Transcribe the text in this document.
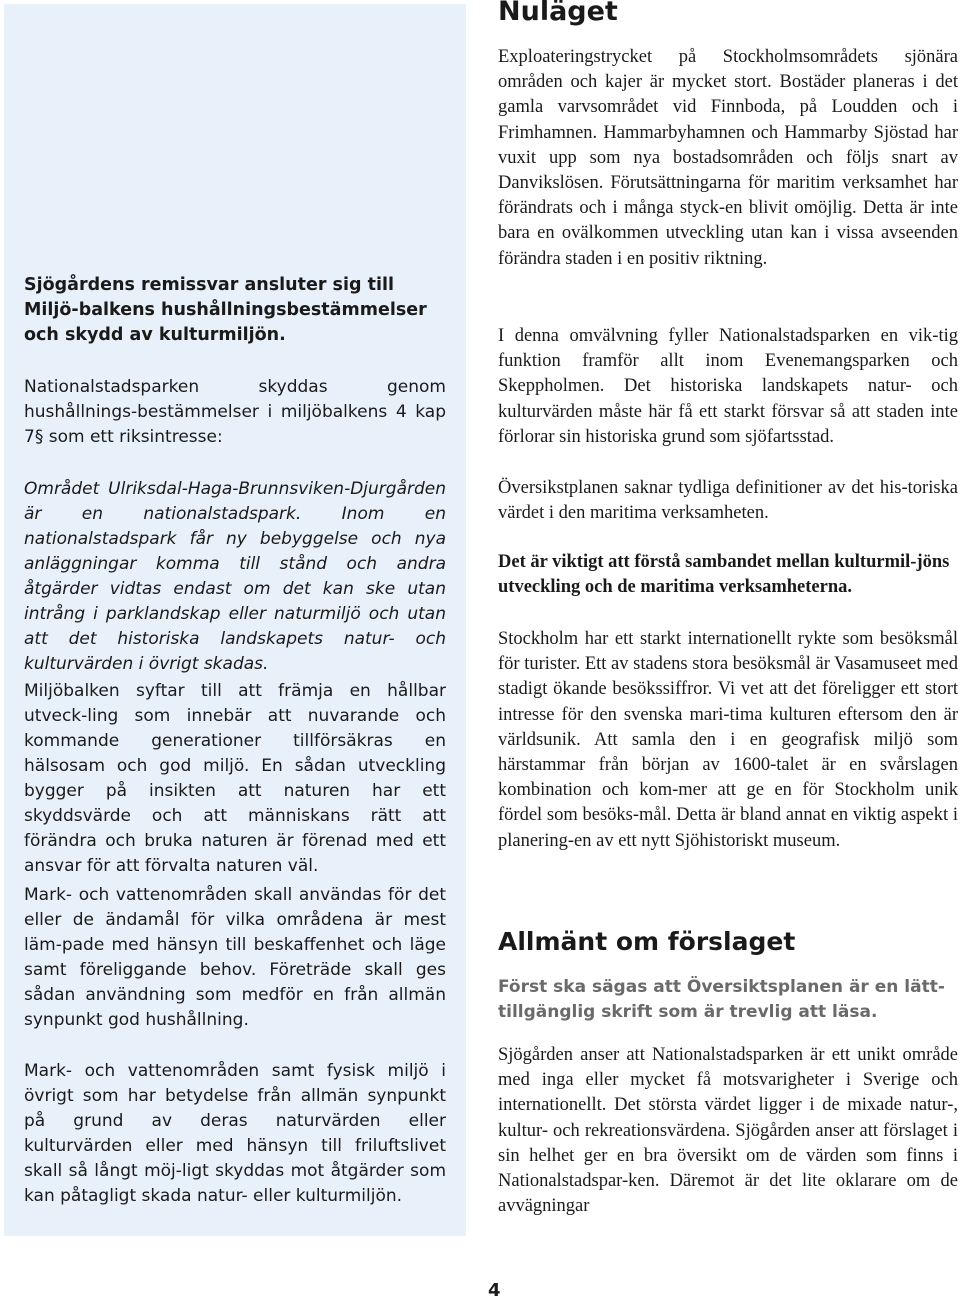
Sjögårdens remissvar ansluter sig till Miljö-balkens hushållningsbestämmelser och skydd av kulturmiljön.
Nationalstadsparken skyddas genom hushållnings-bestämmelser i miljöbalkens 4 kap 7§ som ett riksintresse:
Området Ulriksdal-Haga-Brunnsviken-Djurgården är en nationalstadspark. Inom en nationalstadspark får ny bebyggelse och nya anläggningar komma till stånd och andra åtgärder vidtas endast om det kan ske utan intrång i parklandskap eller naturmiljö och utan att det historiska landskapets natur- och kulturvärden i övrigt skadas.
Miljöbalken syftar till att främja en hållbar utveck-ling som innebär att nuvarande och kommande generationer tillförsäkras en hälsosam och god miljö. En sådan utveckling bygger på insikten att naturen har ett skyddsvärde och att människans rätt att förändra och bruka naturen är förenad med ett ansvar för att förvalta naturen väl.
Mark- och vattenområden skall användas för det eller de ändamål för vilka områdena är mest läm-pade med hänsyn till beskaffenhet och läge samt föreliggande behov. Företräde skall ges sådan användning som medför en från allmän synpunkt god hushållning.
Mark- och vattenområden samt fysisk miljö i övrigt som har betydelse från allmän synpunkt på grund av deras naturvärden eller kulturvärden eller med hänsyn till friluftslivet skall så långt möj-ligt skyddas mot åtgärder som kan påtagligt skada natur- eller kulturmiljön.
Nuläget
Exploateringstrycket på Stockholmsområdets sjönära områden och kajer är mycket stort. Bostäder planeras i det gamla varvsområdet vid Finnboda, på Loudden och i Frimhamnen. Hammarbyhamnen och Hammarby Sjöstad har vuxit upp som nya bostadsområden och följs snart av Danvikslösen. Förutsättningarna för maritim verksamhet har förändrats och i många styck-en blivit omöjlig. Detta är inte bara en ovälkommen utveckling utan kan i vissa avseenden förändra staden i en positiv riktning.
I denna omvälvning fyller Nationalstadsparken en vik-tig funktion framför allt inom Evenemangsparken och Skeppholmen. Det historiska landskapets natur- och kulturvärden måste här få ett starkt försvar så att staden inte förlorar sin historiska grund som sjöfartsstad.
Översikstplanen saknar tydliga definitioner av det his-toriska värdet i den maritima verksamheten.
Det är viktigt att förstå sambandet mellan kulturmil-jöns utveckling och de maritima verksamheterna.
Stockholm har ett starkt internationellt rykte som besöksmål för turister. Ett av stadens stora besöksmål är Vasamuseet med stadigt ökande besökssiffror. Vi vet att det föreligger ett stort intresse för den svenska mari-tima kulturen eftersom den är världsunik. Att samla den i en geografisk miljö som härstammar från början av 1600-talet är en svårslagen kombination och kom-mer att ge en för Stockholm unik fördel som besöks-mål. Detta är bland annat en viktig aspekt i planering-en av ett nytt Sjöhistoriskt museum.
Allmänt om förslaget
Först ska sägas att Översiktsplanen är en lätt-tillgänglig skrift som är trevlig att läsa.
Sjögården anser att Nationalstadsparken är ett unikt område med inga eller mycket få motsvarigheter i Sverige och internationellt. Det största värdet ligger i de mixade natur-, kultur- och rekreationsvärdena. Sjögården anser att förslaget i sin helhet ger en bra översikt om de värden som finns i Nationalstadspar-ken. Däremot är det lite oklarare om de avvägningar
4
